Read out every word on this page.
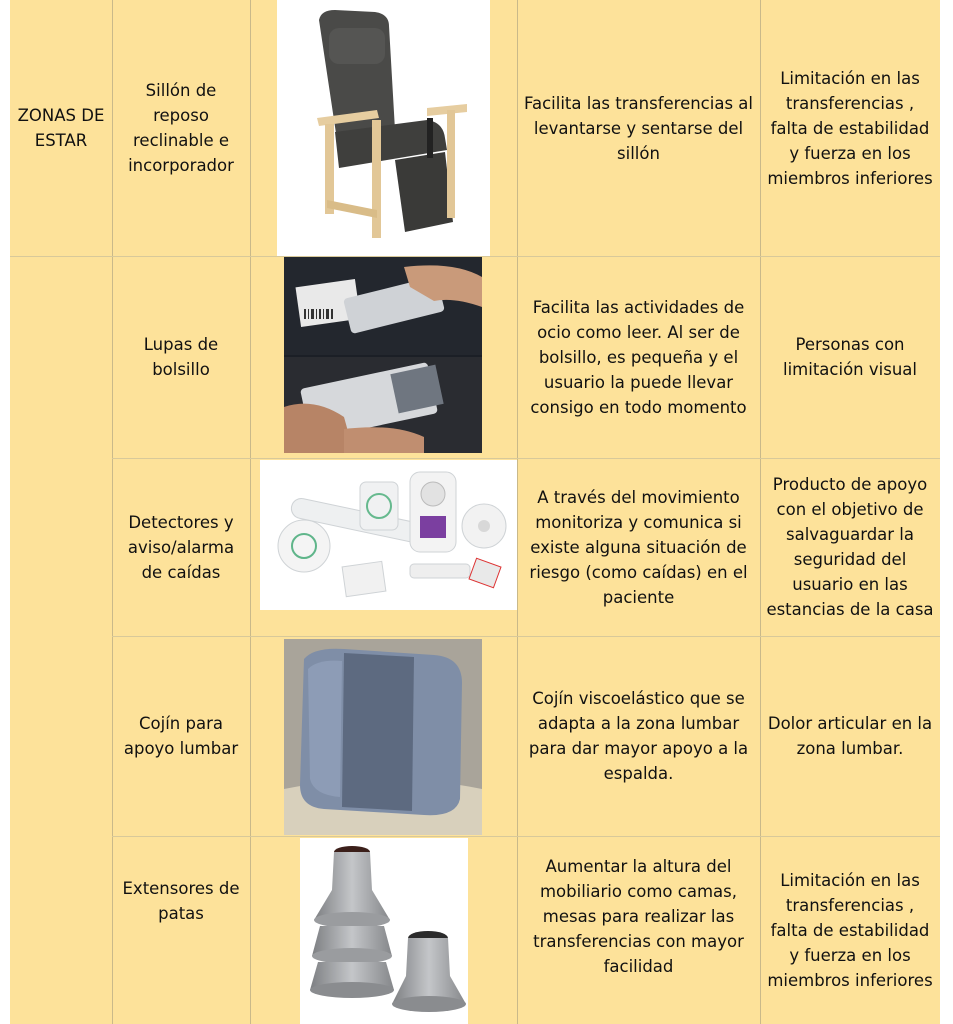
ZONAS DE ESTAR
Sillón de reposo reclinable e incorporador
Facilita las transferencias al levantarse y sentarse del sillón
Limitación en las transferencias , falta de estabilidad y fuerza en los miembros inferiores
Lupas de bolsillo
Facilita las actividades de ocio como leer. Al ser de bolsillo, es pequeña y el usuario la puede llevar consigo en todo momento
Personas con limitación visual
Detectores y aviso/alarma de caídas
A través del movimiento monitoriza y comunica si existe alguna situación de riesgo (como caídas) en el paciente
Producto de apoyo con el objetivo de salvaguardar la seguridad del usuario en las estancias de la casa
Cojín para apoyo lumbar
Cojín viscoelástico que se adapta a la zona lumbar para dar mayor apoyo a la espalda.
Dolor articular en la zona lumbar.
Extensores de patas
Aumentar la altura del mobiliario como camas, mesas para realizar las transferencias con mayor facilidad
Limitación en las transferencias , falta de estabilidad y fuerza en los miembros inferiores
